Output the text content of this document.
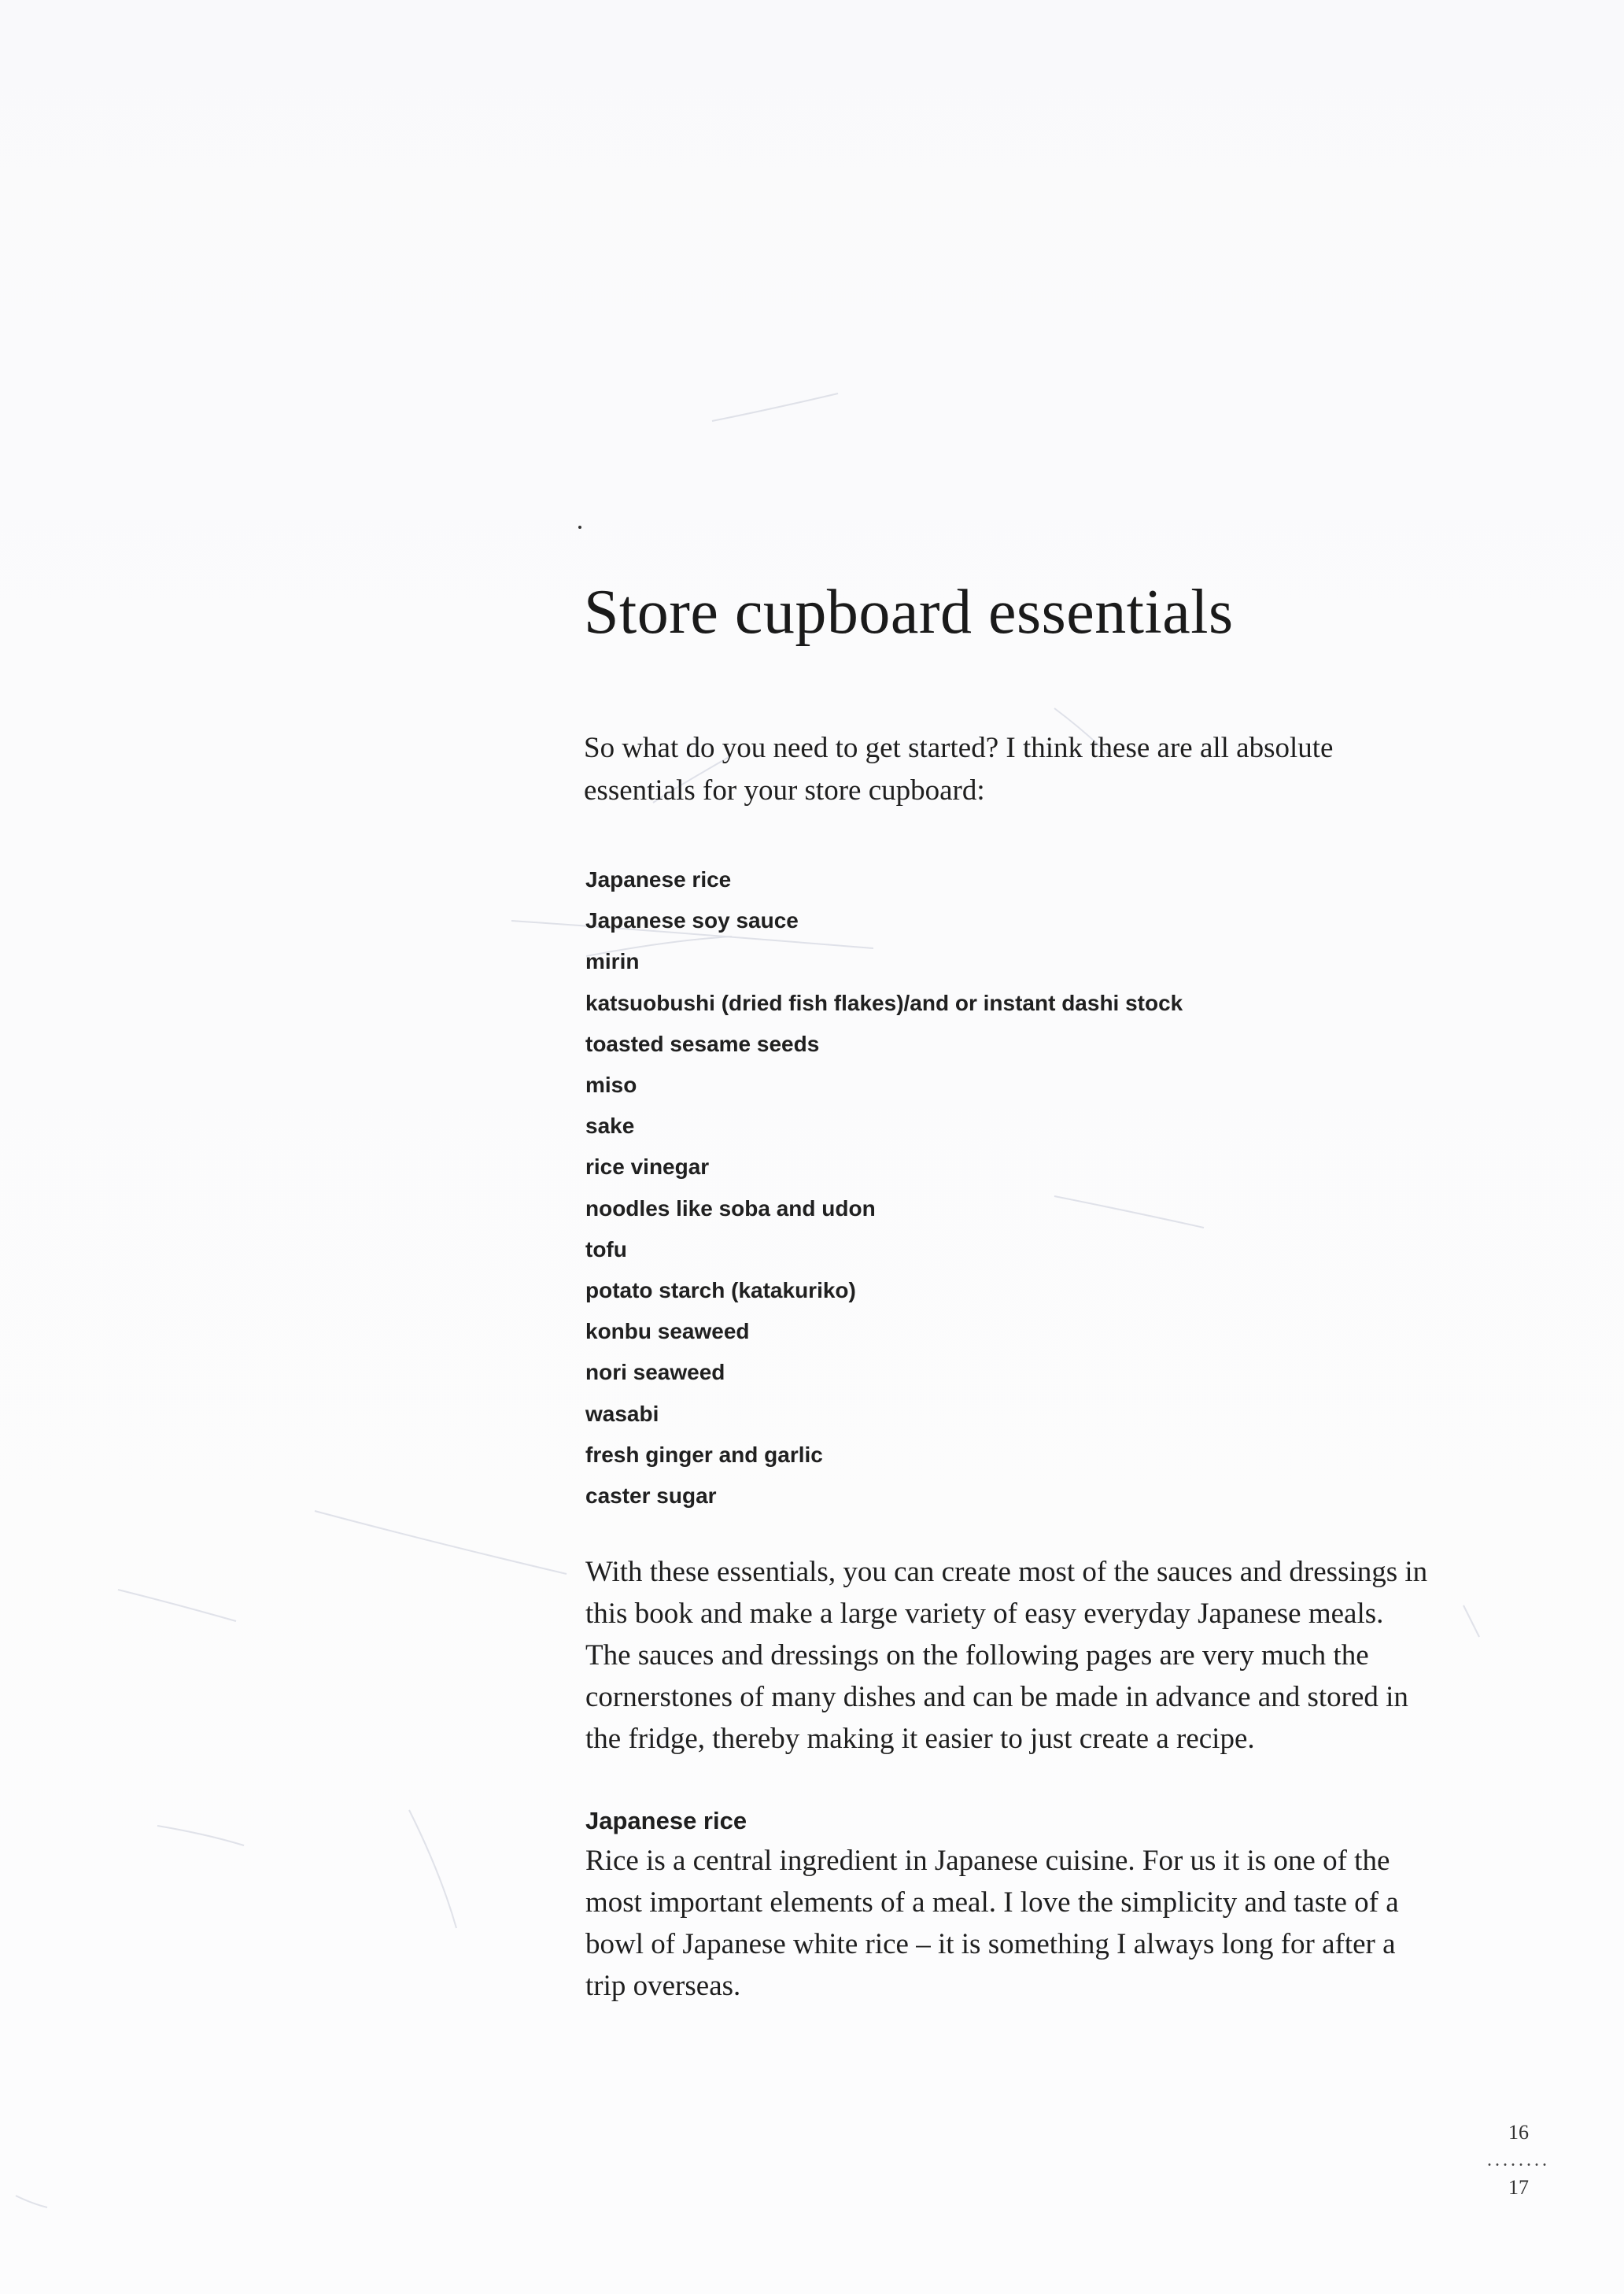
Store cupboard essentials

So what do you need to get started? I think these are all absolute essentials for your store cupboard:

Japanese rice
Japanese soy sauce
mirin
katsuobushi (dried fish flakes)/and or instant dashi stock
toasted sesame seeds
miso
sake
rice vinegar
noodles like soba and udon
tofu
potato starch (katakuriko)
konbu seaweed
nori seaweed
wasabi
fresh ginger and garlic
caster sugar

With these essentials, you can create most of the sauces and dressings in this book and make a large variety of easy everyday Japanese meals. The sauces and dressings on the following pages are very much the cornerstones of many dishes and can be made in advance and stored in the fridge, thereby making it easier to just create a recipe.

Japanese rice

Rice is a central ingredient in Japanese cuisine. For us it is one of the most important elements of a meal. I love the simplicity and taste of a bowl of Japanese white rice – it is something I always long for after a trip overseas.

16
........
17
